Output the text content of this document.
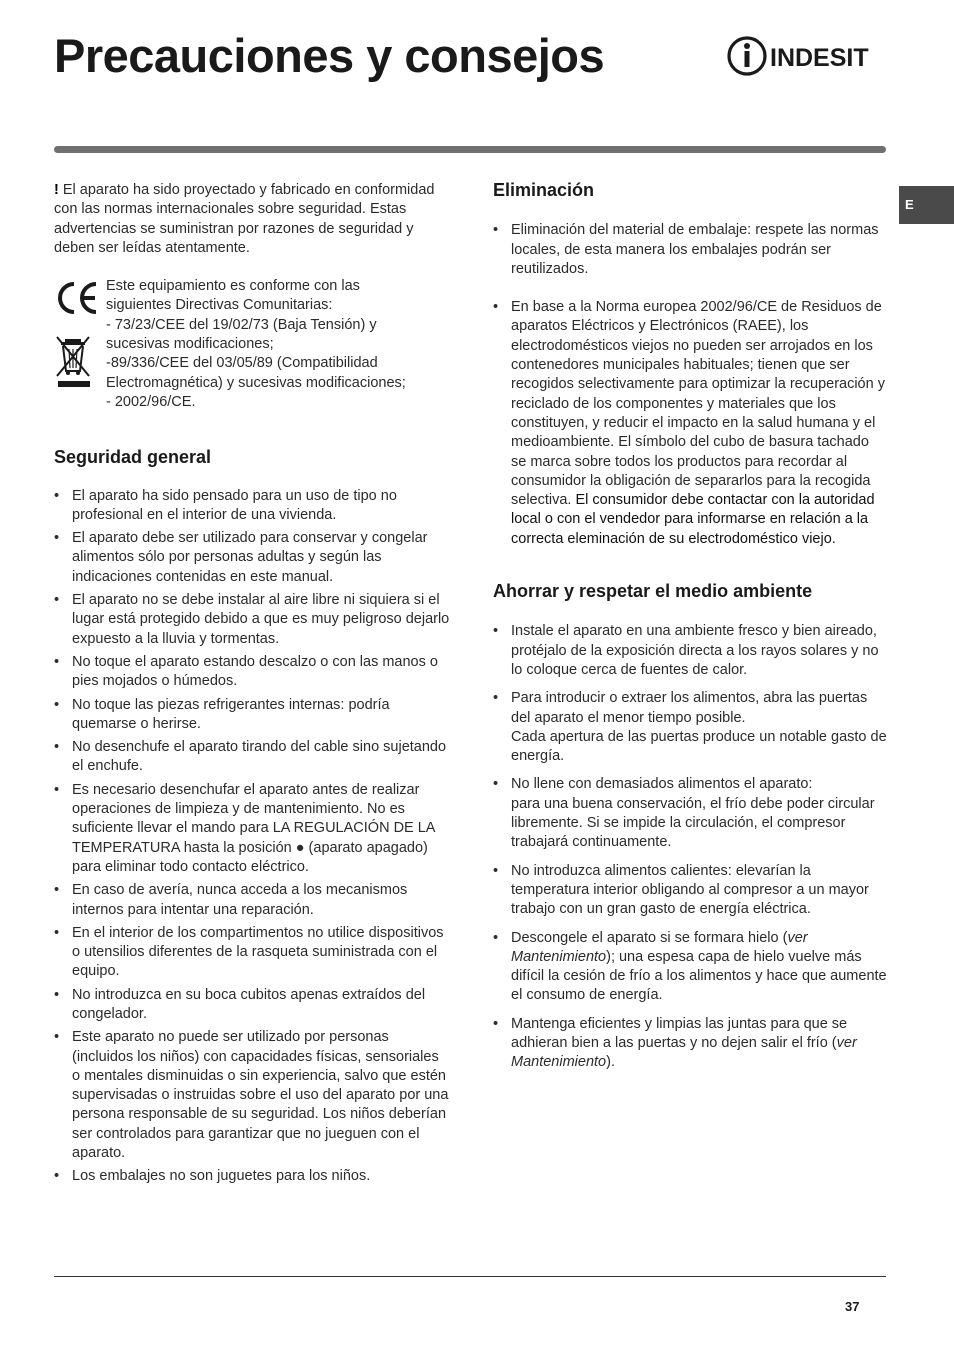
Precauciones y consejos	INDESIT
E

! El aparato ha sido proyectado y fabricado en conformidad con las normas internacionales sobre seguridad. Estas advertencias se suministran por razones de seguridad y deben ser leídas atentamente.

Este equipamiento es conforme con las

siguientes Directivas Comunitarias:

- 73/23/CEE del 19/02/73 (Baja Tensión) y

sucesivas modificaciones;

-89/336/CEE del 03/05/89 (Compatibilidad

Electromagnética) y sucesivas modificaciones;

- 2002/96/CE.

Seguridad general
• El aparato ha sido pensado para un uso de tipo no profesional en el interior de una vivienda.
• El aparato debe ser utilizado para conservar y congelar alimentos sólo por personas adultas y según las indicaciones contenidas en este manual.
• El aparato no se debe instalar al aire libre ni siquiera si el lugar está protegido debido a que es muy peligroso dejarlo expuesto a la lluvia y tormentas.
• No toque el aparato estando descalzo o con las manos o pies mojados o húmedos.
• No toque las piezas refrigerantes internas: podría quemarse o herirse.
• No desenchufe el aparato tirando del cable sino sujetando el enchufe.
• Es necesario desenchufar el aparato antes de realizar operaciones de limpieza y de mantenimiento. No es suficiente llevar el mando para LA REGULACIÓN DE LA TEMPERATURA hasta la posición ● (aparato apagado) para eliminar todo contacto eléctrico.
• En caso de avería, nunca acceda a los mecanismos internos para intentar una reparación.
• En el interior de los compartimentos no utilice dispositivos o utensilios diferentes de la rasqueta suministrada con el equipo.
• No introduzca en su boca cubitos apenas extraídos del congelador.
• Este aparato no puede ser utilizado por personas (incluidos los niños) con capacidades físicas, sensoriales o mentales disminuidas o sin experiencia, salvo que estén supervisadas o instruidas sobre el uso del aparato por una persona responsable de su seguridad. Los niños deberían ser controlados para garantizar que no jueguen con el aparato.
• Los embalajes no son juguetes para los niños.
Eliminación
• Eliminación del material de embalaje: respete las normas locales, de esta manera los embalajes podrán ser reutilizados.
• En base a la Norma europea 2002/96/CE de Residuos de aparatos Eléctricos y Electrónicos (RAEE), los electrodomésticos viejos no pueden ser arrojados en los contenedores municipales habituales; tienen que ser recogidos selectivamente para optimizar la recuperación y reciclado de los componentes y materiales que los constituyen, y reducir el impacto en la salud humana y el medioambiente. El símbolo del cubo de basura tachado se marca sobre todos los productos para recordar al consumidor la obligación de separarlos para la recogida selectiva. El consumidor debe contactar con la autoridad local o con el vendedor para informarse en relación a la correcta eleminación de su electrodoméstico viejo.
Ahorrar y respetar el medio ambiente
• Instale el aparato en una ambiente fresco y bien aireado, protéjalo de la exposición directa a los rayos solares y no lo coloque cerca de fuentes de calor.
• Para introducir o extraer los alimentos, abra las puertas del aparato el menor tiempo posible.
Cada apertura de las puertas produce un notable gasto de energía.
• No llene con demasiados alimentos el aparato:
para una buena conservación, el frío debe poder circular libremente. Si se impide la circulación, el compresor trabajará continuamente.
• No introduzca alimentos calientes: elevarían la temperatura interior obligando al compresor a un mayor trabajo con un gran gasto de energía eléctrica.
• Descongele el aparato si se formara hielo (ver Mantenimiento); una espesa capa de hielo vuelve más difícil la cesión de frío a los alimentos y hace que aumente el consumo de energía.
• Mantenga eficientes y limpias las juntas para que se adhieran bien a las puertas y no dejen salir el frío (ver Mantenimiento).
37
